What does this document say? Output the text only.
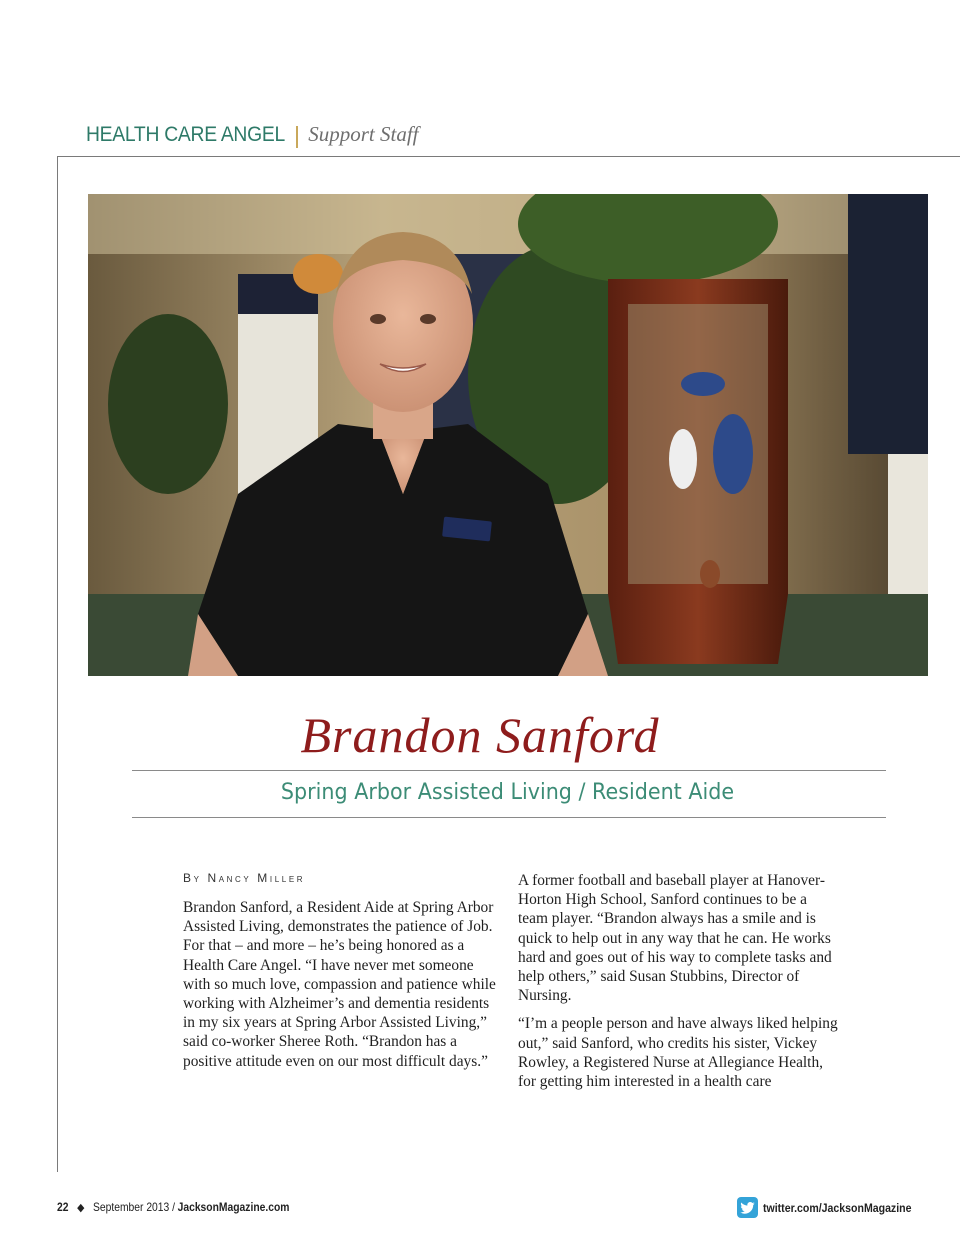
HEALTH CARE ANGEL Support Staff
Brandon Sanford
Spring Arbor Assisted Living / Resident Aide
By Nancy Miller

Brandon Sanford, a Resident Aide at Spring Arbor Assisted Living, demonstrates the patience of Job. For that – and more – he’s being honored as a Health Care Angel. “I have never met someone with so much love, compassion and patience while working with Alzheimer’s and dementia residents in my six years at Spring Arbor Assisted Living,” said co-worker Sheree Roth. “Brandon has a positive attitude even on our most difficult days.”

A former football and baseball player at Hanover-Horton High School, Sanford continues to be a team player. “Brandon always has a smile and is quick to help out in any way that he can. He works hard and goes out of his way to complete tasks and help others,” said Susan Stubbins, Director of Nursing.

“I’m a people person and have always liked helping out,” said Sanford, who credits his sister, Vickey Rowley, a Registered Nurse at Allegiance Health, for getting him interested in a health care

22 ◆ September 2013 / JacksonMagazine.com	twitter.com/JacksonMagazine
